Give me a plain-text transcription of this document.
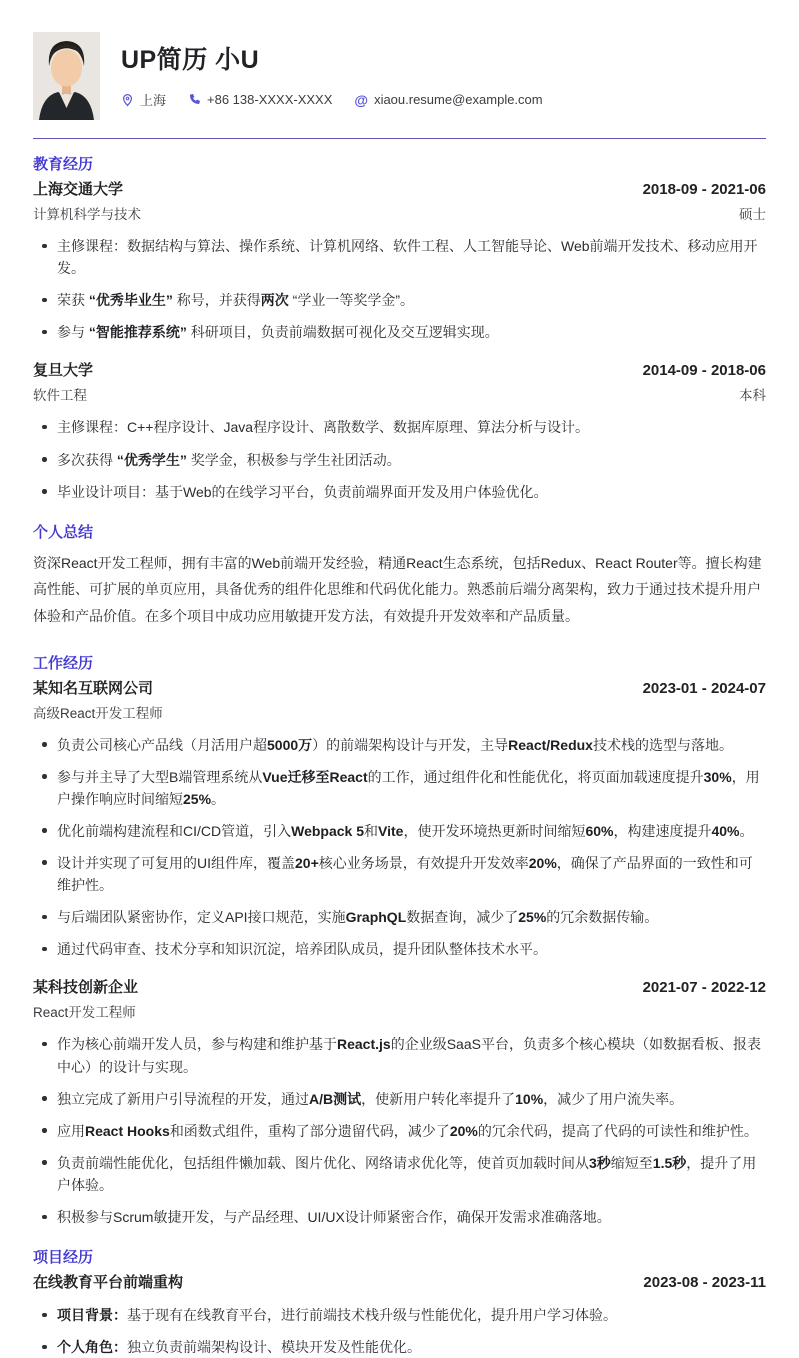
UP简历 小U
上海	+86 138-XXXX-XXXX @ xiaou.resume@example.com
教育经历
上海交通大学	2018-09 - 2021-06
计算机科学与技术	硕士
主修课程：数据结构与算法、操作系统、计算机网络、软件工程、人工智能导论、Web前端开发技术、移动应用开发。
荣获 “优秀毕业生” 称号，并获得两次 “学业一等奖学金”。
参与 “智能推荐系统” 科研项目，负责前端数据可视化及交互逻辑实现。
复旦大学	2014-09 - 2018-06
软件工程	本科
主修课程：C++程序设计、Java程序设计、离散数学、数据库原理、算法分析与设计。
多次获得 “优秀学生” 奖学金，积极参与学生社团活动。
毕业设计项目：基于Web的在线学习平台，负责前端界面开发及用户体验优化。
个人总结

资深React开发工程师，拥有丰富的Web前端开发经验，精通React生态系统，包括Redux、React Router等。擅长构建高性能、可扩展的单页应用，具备优秀的组件化思维和代码优化能力。熟悉前后端分离架构，致力于通过技术提升用户体验和产品价值。在多个项目中成功应用敏捷开发方法，有效提升开发效率和产品质量。

工作经历
某知名互联网公司	2023-01 - 2024-07
高级React开发工程师
负责公司核心产品线（月活用户超5000万）的前端架构设计与开发，主导React/Redux技术栈的选型与落地。
参与并主导了大型B端管理系统从Vue迁移至React的工作，通过组件化和性能优化，将页面加载速度提升30%，用户操作响应时间缩短25%。
优化前端构建流程和CI/CD管道，引入Webpack 5和Vite，使开发环境热更新时间缩短60%，构建速度提升40%。
设计并实现了可复用的UI组件库，覆盖20+核心业务场景，有效提升开发效率20%，确保了产品界面的一致性和可维护性。
与后端团队紧密协作，定义API接口规范，实施GraphQL数据查询，减少了25%的冗余数据传输。
通过代码审查、技术分享和知识沉淀，培养团队成员，提升团队整体技术水平。
某科技创新企业	2021-07 - 2022-12
React开发工程师
作为核心前端开发人员，参与构建和维护基于React.js的企业级SaaS平台，负责多个核心模块（如数据看板、报表中心）的设计与实现。
独立完成了新用户引导流程的开发，通过A/B测试，使新用户转化率提升了10%，减少了用户流失率。
应用React Hooks和函数式组件，重构了部分遗留代码，减少了20%的冗余代码，提高了代码的可读性和维护性。
负责前端性能优化，包括组件懒加载、图片优化、网络请求优化等，使首页加载时间从3秒缩短至1.5秒，提升了用户体验。
积极参与Scrum敏捷开发，与产品经理、UI/UX设计师紧密合作，确保开发需求准确落地。
项目经历
在线教育平台前端重构	2023-08 - 2023-11
项目背景：基于现有在线教育平台，进行前端技术栈升级与性能优化，提升用户学习体验。
个人角色：独立负责前端架构设计、模块开发及性能优化。
